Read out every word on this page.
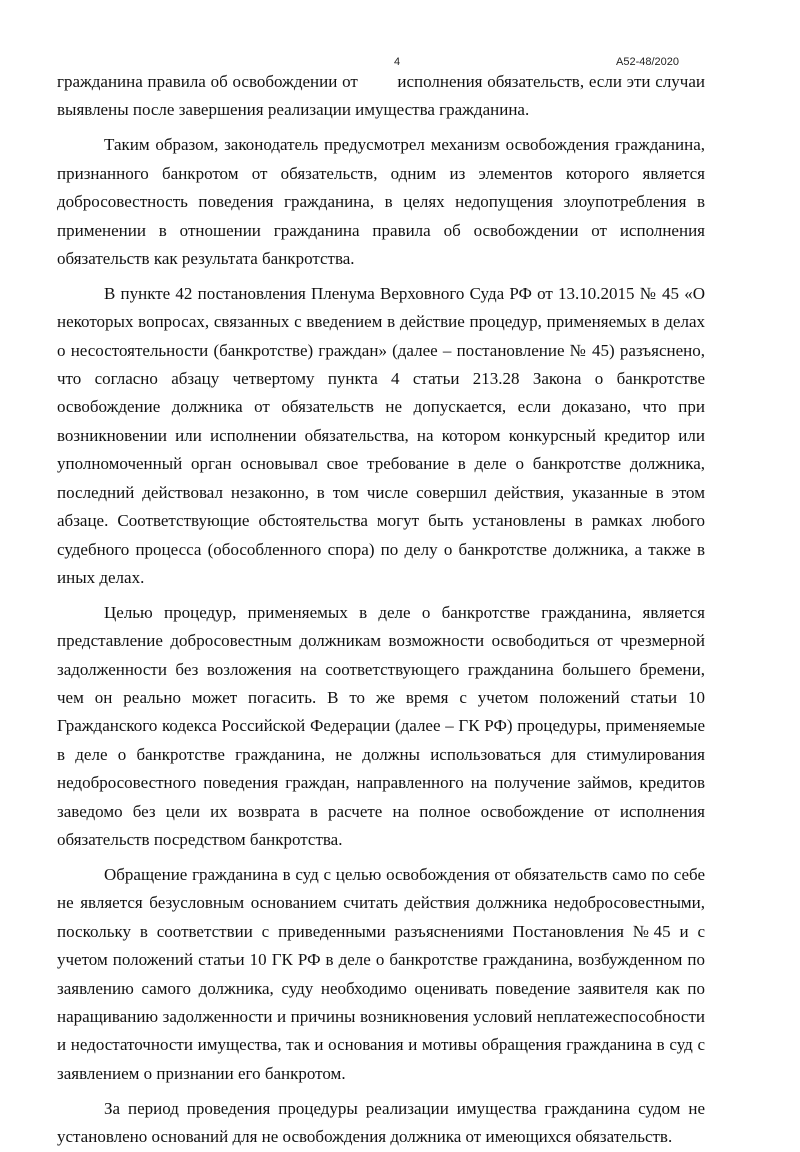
4	А52-48/2020

гражданина правила об освобождении от исполнения обязательств, если эти случаи выявлены после завершения реализации имущества гражданина.

Таким образом, законодатель предусмотрел механизм освобождения гражданина, признанного банкротом от обязательств, одним из элементов которого является добросовестность поведения гражданина, в целях недопущения злоупотребления в применении в отношении гражданина правила об освобождении от исполнения обязательств как результата банкротства.

В пункте 42 постановления Пленума Верховного Суда РФ от 13.10.2015 № 45 «О некоторых вопросах, связанных с введением в действие процедур, применяемых в делах о несостоятельности (банкротстве) граждан» (далее – постановление № 45) разъяснено, что согласно абзацу четвертому пункта 4 статьи 213.28 Закона о банкротстве освобождение должника от обязательств не допускается, если доказано, что при возникновении или исполнении обязательства, на котором конкурсный кредитор или уполномоченный орган основывал свое требование в деле о банкротстве должника, последний действовал незаконно, в том числе совершил действия, указанные в этом абзаце. Соответствующие обстоятельства могут быть установлены в рамках любого судебного процесса (обособленного спора) по делу о банкротстве должника, а также в иных делах.

Целью процедур, применяемых в деле о банкротстве гражданина, является представление добросовестным должникам возможности освободиться от чрезмерной задолженности без возложения на соответствующего гражданина большего бремени, чем он реально может погасить. В то же время с учетом положений статьи 10 Гражданского кодекса Российской Федерации (далее – ГК РФ) процедуры, применяемые в деле о банкротстве гражданина, не должны использоваться для стимулирования недобросовестного поведения граждан, направленного на получение займов, кредитов заведомо без цели их возврата в расчете на полное освобождение от исполнения обязательств посредством банкротства.

Обращение гражданина в суд с целью освобождения от обязательств само по себе не является безусловным основанием считать действия должника недобросовестными, поскольку в соответствии с приведенными разъяснениями Постановления №45 и с учетом положений статьи 10 ГК РФ в деле о банкротстве гражданина, возбужденном по заявлению самого должника, суду необходимо оценивать поведение заявителя как по наращиванию задолженности и причины возникновения условий неплатежеспособности и недостаточности имущества, так и основания и мотивы обращения гражданина в суд с заявлением о признании его банкротом.

За период проведения процедуры реализации имущества гражданина судом не установлено оснований для не освобождения должника от имеющихся обязательств.
